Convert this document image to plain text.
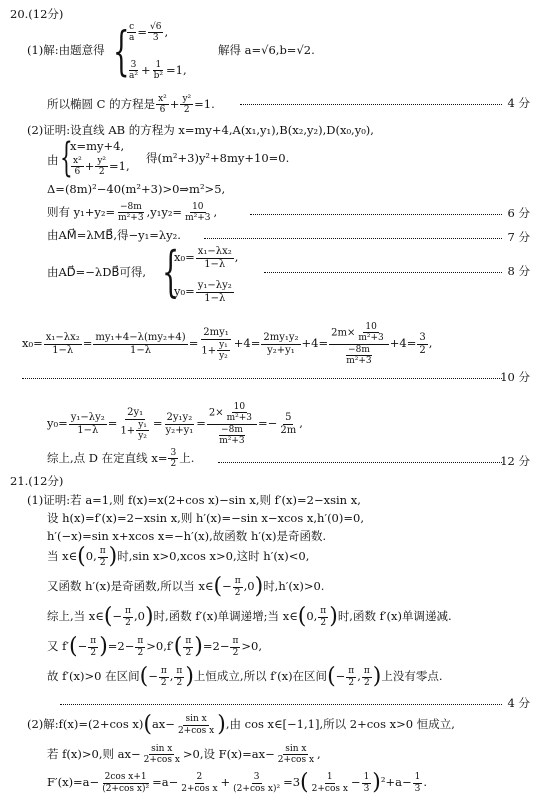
20.(12分)
(1)解:由题意得 {
$\frac{c}{a} = \frac{√6}{3}$ ,
$\frac{3}{\text{a²}} + \frac{1}{\text{b²}} =1$,
解得 a=√6,b=√2.
所以椭圆 C 的方程是 $\frac{\text{x²}}{6} + \frac{\text{y²}}{2} =1$.	4 分
(2)证明:设直线 AB 的方程为 x=my+4,A(x₁,y₁),B(x₂,y₂),D(x₀,y₀),
由 {
x=my+4,
$\frac{\text{x²}}{6} + \frac{\text{y²}}{2} =1$,
得(m²+3)y²+8my+10=0.
Δ=(8m)²−40(m²+3)>0⇒m²>5,
则有 $y_1+y_2= \frac{-8m}{\text{m²+3}} ,y_1y_2= \frac{10}{\text{m²+3}}$ ,	6 分
由AM⃗=λMB⃗,得−y₁=λy₂.	7 分
由AD⃗=−λDB⃗可得, {
$x_0= \frac{\text{x₁−λx₂}}{1-\lambda}$ ,
$y_0= \frac{\text{y₁−λy₂}}{1-\lambda}$
8 分
$x_0= \frac{\text{x₁−λx₂}}{1-\lambda} = \frac{\text{my₁+4−λ(my₂+4)}}{1-\lambda} = \frac{\text{2my₁}}{1+ \frac{\text{y₁}}{\text{y₂}}} +4= \frac{\text{2my₁y₂}}{\text{y₂+y₁}} +4= \frac{2m\times \frac{10}{\text{m²+3}}}{\frac{-8m}{\text{m²+3}}} +4= \frac{3}{2}$ ,
10 分
$y_0= \frac{\text{y₁−λy₂}}{1-\lambda} = \frac{\text{2y₁}}{1+ \frac{\text{y₁}}{\text{y₂}}} = \frac{\text{2y₁y₂}}{\text{y₂+y₁}} = \frac{2\times \frac{10}{\text{m²+3}}}{\frac{-8m}{\text{m²+3}}} =- \frac{5}{2m}$ ,
综上,点 D 在定直线 $x= \frac{3}{2}$ 上.	12 分
21.(12分)
(1)证明:若 a=1,则 f(x)=x(2+cos x)−sin x,则 f′(x)=2−xsin x,
设 h(x)=f′(x)=2−xsin x,则 h′(x)=−sin x−xcos x,h′(0)=0,
h′(−x)=sin x+xcos x=−h′(x),故函数 h′(x)是奇函数.
当 x∈(0, $\frac{\pi}{2}$ )时,sin x>0,xcos x>0,这时 h′(x)<0,
又函数 h′(x)是奇函数,所以当 x∈(− $\frac{\pi}{2} ,0$)时,h′(x)>0.
综上,当 x∈(− $\frac{\pi}{2} ,0$)时,函数 f′(x)单调递增;当 x∈(0, $\frac{\pi}{2}$ )时,函数 f′(x)单调递减.
又 $f'(- \frac{\pi}{2} )=2- \frac{\pi}{2} >0,f'( \frac{\pi}{2} )=2- \frac{\pi}{2} >0$,
故 f′(x)>0 在区间(− $\frac{\pi}{2}$ , $\frac{\pi}{2}$ )上恒成立,所以 f′(x)在区间(− $\frac{\pi}{2}$ , $\frac{\pi}{2}$ )上没有零点.
4 分
(2)解:f(x)=(2+cos $x)(ax- \frac{\text{sin x}}{\text{2+cos x}}$ ),由 cos x∈[−1,1],所以 2+cos x>0 恒成立,
若 f(x)>0,则 $ax- \frac{\text{sin x}}{\text{2+cos x}} >0$,设 $F(x)=ax- \frac{\text{sin x}}{\text{2+cos x}}$ ,
$F'(x)=a- \frac{\text{2cos x+1}}{\text{(2+cos x)²}} =a- \frac{2}{\text{2+cos x}} + \frac{3}{\text{(2+cos x)²}} =3( \frac{1}{\text{2+cos x}} - \frac{1}{3} )^2+a- \frac{1}{3}$ .
